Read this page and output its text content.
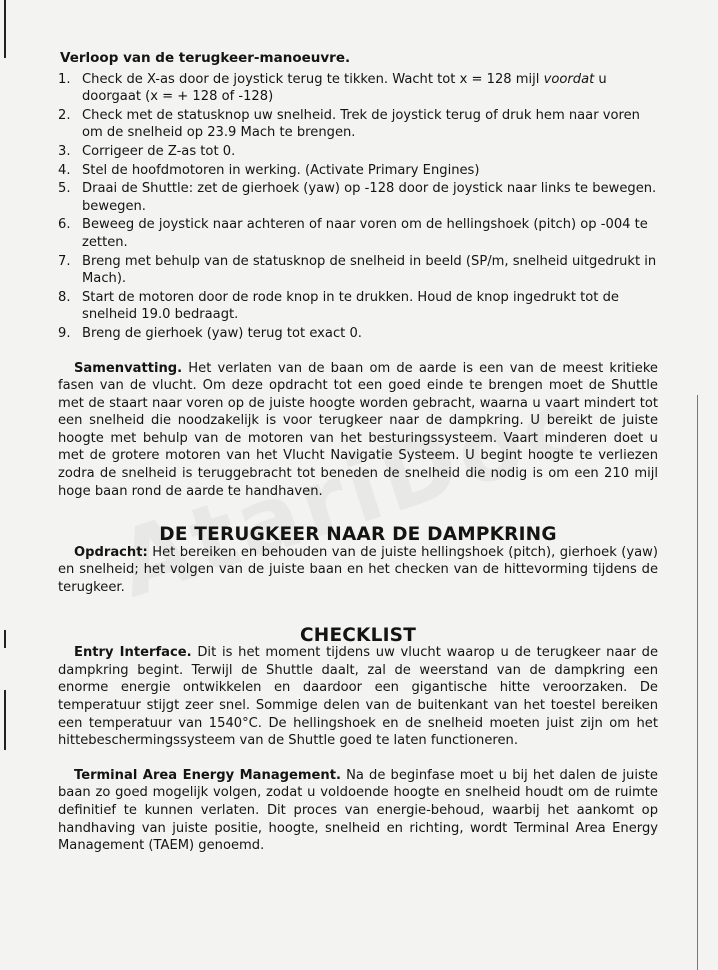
Verloop van de terugkeer-manoeuvre.
1. Check de X-as door de joystick terug te tikken. Wacht tot x = 128 mijl voordat u doorgaat (x = + 128 of -128)
2. Check met de statusknop uw snelheid. Trek de joystick terug of druk hem naar voren om de snelheid op 23.9 Mach te brengen.
3. Corrigeer de Z-as tot 0.
4. Stel de hoofdmotoren in werking. (Activate Primary Engines)
5. Draai de Shuttle: zet de gierhoek (yaw) op -128 door de joystick naar links te bewegen. bewegen.
6. Beweeg de joystick naar achteren of naar voren om de hellingshoek (pitch) op -004 te zetten.
7. Breng met behulp van de statusknop de snelheid in beeld (SP/m, snelheid uitgedrukt in Mach).
8. Start de motoren door de rode knop in te drukken. Houd de knop ingedrukt tot de snelheid 19.0 bedraagt.
9. Breng de gierhoek (yaw) terug tot exact 0.

Samenvatting. Het verlaten van de baan om de aarde is een van de meest kritieke fasen van de vlucht. Om deze opdracht tot een goed einde te brengen moet de Shuttle met de staart naar voren op de juiste hoogte worden gebracht, waarna u vaart mindert tot een snelheid die noodzakelijk is voor terugkeer naar de dampkring. U bereikt de juiste hoogte met behulp van de motoren van het besturingssysteem. Vaart minderen doet u met de grotere motoren van het Vlucht Navigatie Systeem. U begint hoogte te verliezen zodra de snelheid is teruggebracht tot beneden de snelheid die nodig is om een 210 mijl hoge baan rond de aarde te handhaven.

DE TERUGKEER NAAR DE DAMPKRING

Opdracht: Het bereiken en behouden van de juiste hellingshoek (pitch), gierhoek (yaw) en snelheid; het volgen van de juiste baan en het checken van de hittevorming tijdens de terugkeer.

CHECKLIST

Entry Interface. Dit is het moment tijdens uw vlucht waarop u de terugkeer naar de dampkring begint. Terwijl de Shuttle daalt, zal de weerstand van de dampkring een enorme energie ontwikkelen en daardoor een gigantische hitte veroorzaken. De temperatuur stijgt zeer snel. Sommige delen van de buitenkant van het toestel bereiken een temperatuur van 1540°C. De hellingshoek en de snelheid moeten juist zijn om het hittebeschermingssysteem van de Shuttle goed te laten functioneren.

Terminal Area Energy Management. Na de beginfase moet u bij het dalen de juiste baan zo goed mogelijk volgen, zodat u voldoende hoogte en snelheid houdt om de ruimte definitief te kunnen verlaten. Dit proces van energie-behoud, waarbij het aankomt op handhaving van juiste positie, hoogte, snelheid en richting, wordt Terminal Area Energy Management (TAEM) genoemd.
